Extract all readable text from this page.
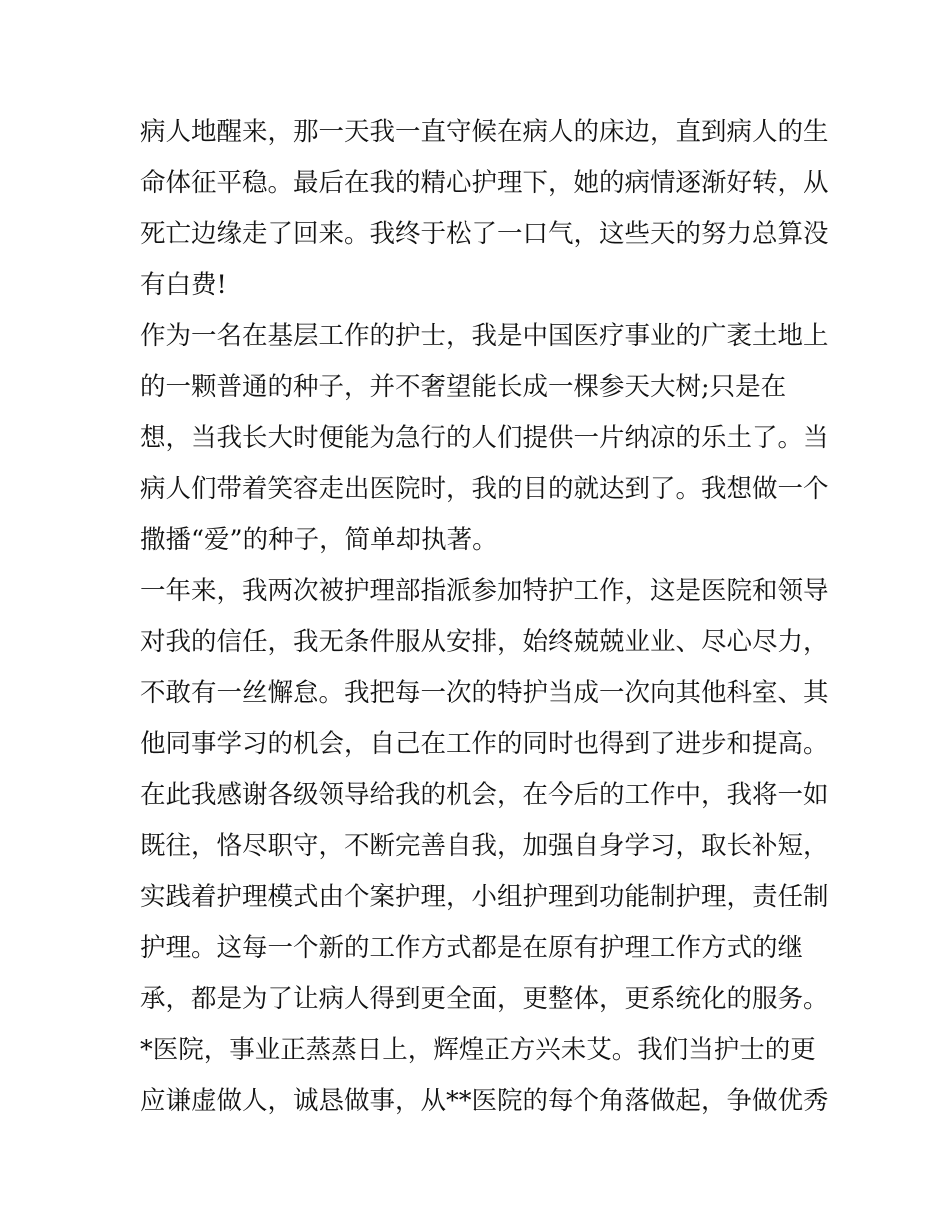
病人地醒来，那一天我一直守候在病人的床边，直到病人的生
命体征平稳。最后在我的精心护理下，她的病情逐渐好转，从
死亡边缘走了回来。我终于松了一口气，这些天的努力总算没
有白费!
作为一名在基层工作的护士，我是中国医疗事业的广袤土地上
的一颗普通的种子，并不奢望能长成一棵参天大树;只是在
想，当我长大时便能为急行的人们提供一片纳凉的乐土了。当
病人们带着笑容走出医院时，我的目的就达到了。我想做一个
撒播“爱”的种子，简单却执著。
一年来，我两次被护理部指派参加特护工作，这是医院和领导
对我的信任，我无条件服从安排，始终兢兢业业、尽心尽力，
不敢有一丝懈怠。我把每一次的特护当成一次向其他科室、其
他同事学习的机会，自己在工作的同时也得到了进步和提高。
在此我感谢各级领导给我的机会，在今后的工作中，我将一如
既往，恪尽职守，不断完善自我，加强自身学习，取长补短，
实践着护理模式由个案护理，小组护理到功能制护理，责任制
护理。这每一个新的工作方式都是在原有护理工作方式的继
承，都是为了让病人得到更全面，更整体，更系统化的服务。
*医院，事业正蒸蒸日上，辉煌正方兴未艾。我们当护士的更
应谦虚做人，诚恳做事，从**医院的每个角落做起，争做优秀
